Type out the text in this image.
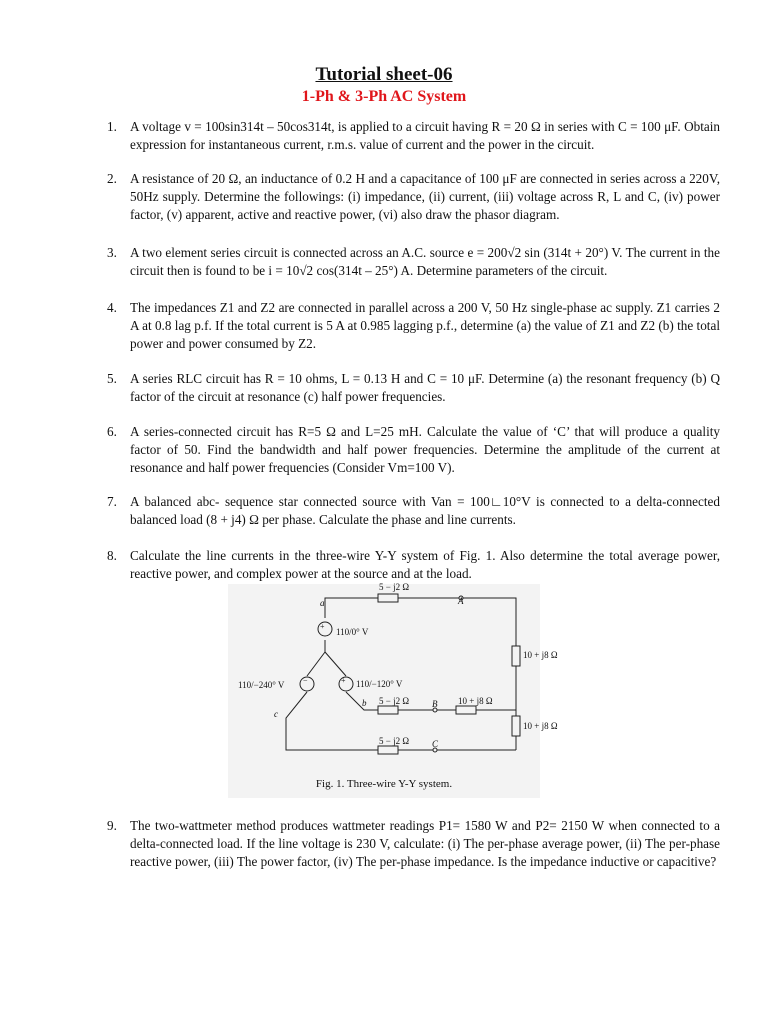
Tutorial sheet-06
1-Ph & 3-Ph AC System
1. A voltage v = 100sin314t – 50cos314t, is applied to a circuit having R = 20 Ω in series with C = 100 μF. Obtain expression for instantaneous current, r.m.s. value of current and the power in the circuit.
2. A resistance of 20 Ω, an inductance of 0.2 H and a capacitance of 100 μF are connected in series across a 220V, 50Hz supply. Determine the followings: (i) impedance, (ii) current, (iii) voltage across R, L and C, (iv) power factor, (v) apparent, active and reactive power, (vi) also draw the phasor diagram.
3. A two element series circuit is connected across an A.C. source e = 200√2 sin (314t + 20°) V. The current in the circuit then is found to be i = 10√2 cos(314t – 25°) A. Determine parameters of the circuit.
4. The impedances Z1 and Z2 are connected in parallel across a 200 V, 50 Hz single-phase ac supply. Z1 carries 2 A at 0.8 lag p.f. If the total current is 5 A at 0.985 lagging p.f., determine (a) the value of Z1 and Z2 (b) the total power and power consumed by Z2.
5. A series RLC circuit has R = 10 ohms, L = 0.13 H and C = 10 μF. Determine (a) the resonant frequency (b) Q factor of the circuit at resonance (c) half power frequencies.
6. A series-connected circuit has R=5 Ω and L=25 mH. Calculate the value of ‘C’ that will produce a quality factor of 50. Find the bandwidth and half power frequencies. Determine the amplitude of the current at resonance and half power frequencies (Consider Vm=100 V).
7. A balanced abc- sequence star connected source with Van = 100∟10°V is connected to a delta-connected balanced load (8 + j4) Ω per phase. Calculate the phase and line currents.
8. Calculate the line currents in the three-wire Y-Y system of Fig. 1. Also determine the total average power, reactive power, and complex power at the source and at the load.
+
+
−
a
b
c
A
B
C
110/0° V
110/−120° V
110/−240° V
5 − j2 Ω
5 − j2 Ω
5 − j2 Ω
10 + j8 Ω
10 + j8 Ω
10 + j8 Ω
Fig. 1. Three-wire Y-Y system.
9. The two-wattmeter method produces wattmeter readings P1= 1580 W and P2= 2150 W when connected to a delta-connected load. If the line voltage is 230 V, calculate: (i) The per-phase average power, (ii) The per-phase reactive power, (iii) The power factor, (iv) The per-phase impedance. Is the impedance inductive or capacitive?
